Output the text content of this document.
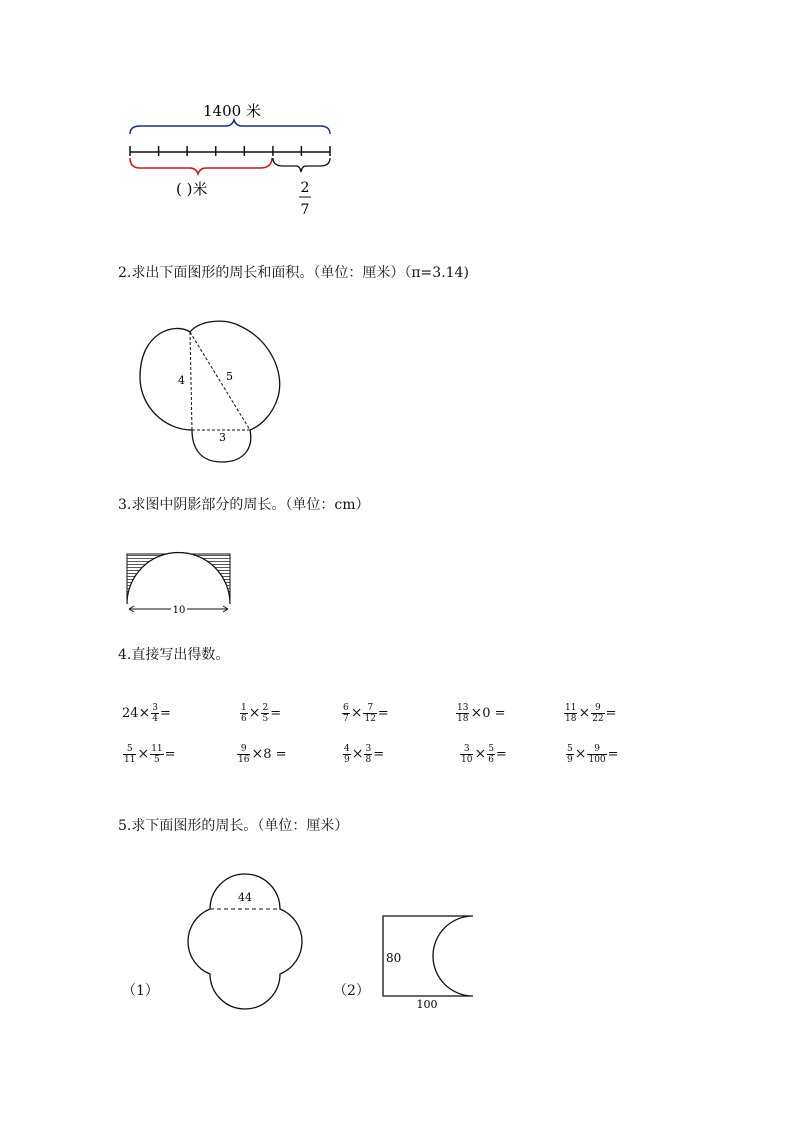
1400 米
( )米	2
7
2.求出下面图形的周长和面积。（单位：厘米）（π=3.14)
4	5
3
3.求图中阴影部分的周长。（单位：cm）
10
4.直接写出得数。
$24\times \frac{3}{4}$ =	$\frac{1}{6} \times \frac{2}{5}$ =	$\frac{6}{7} \times \frac{7}{12}$ =	$\frac{13}{18} \times 0$ =	$\frac{11}{18} \times \frac{9}{22}$ =
$\frac{5}{11} \times \frac{11}{5}$ =	$\frac{9}{16} \times 8$ =	$\frac{4}{9} \times \frac{3}{8}$ =	$\frac{3}{10} \times \frac{5}{6}$ =	$\frac{5}{9} \times \frac{9}{100}$ =
5.求下面图形的周长。（单位：厘米）
（1）
44
（2）
80
100
